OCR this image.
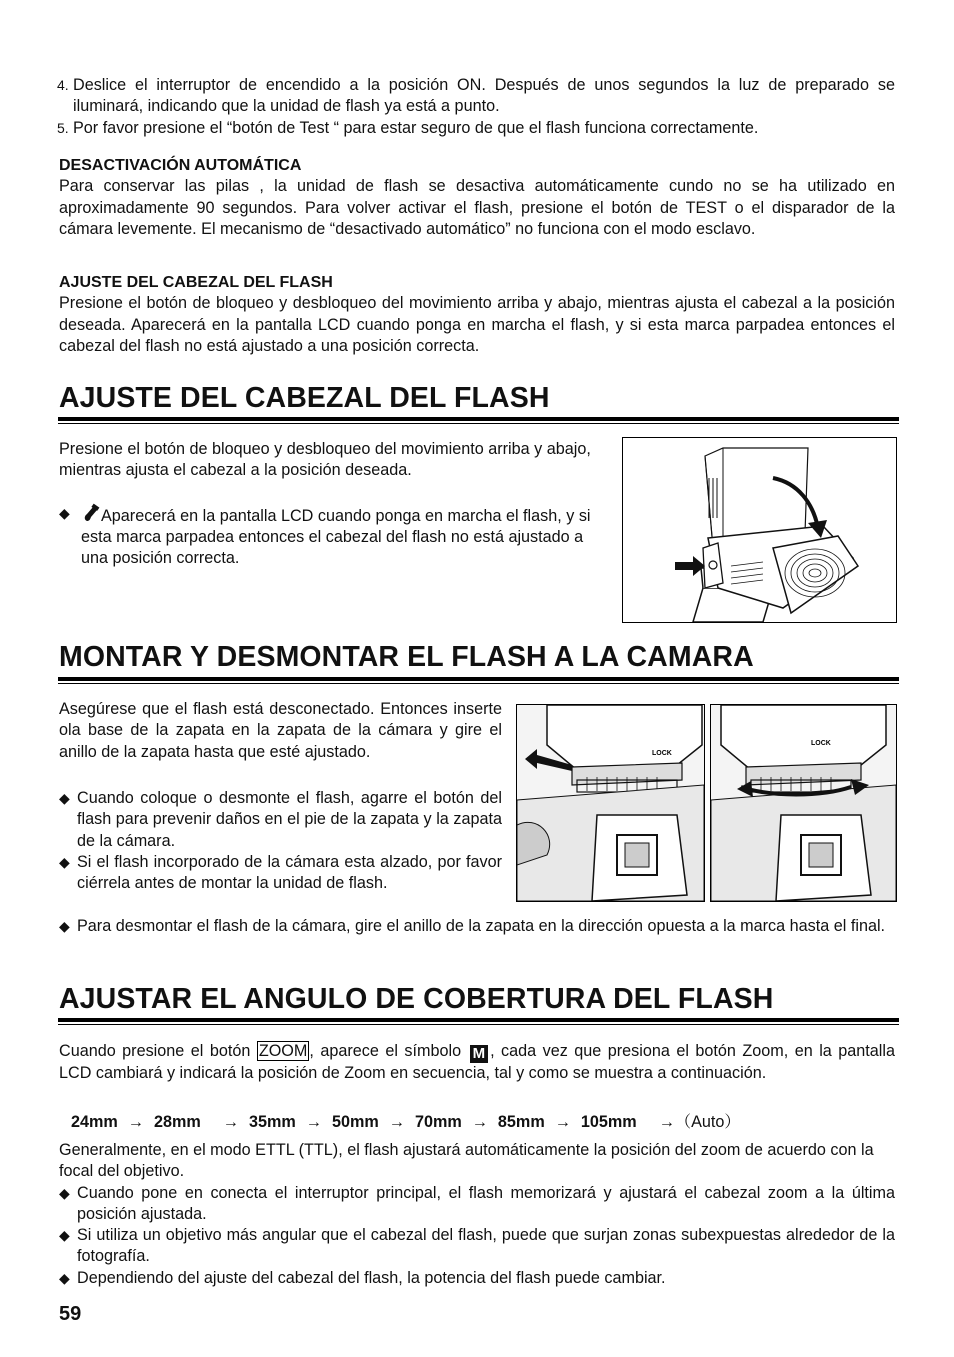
4. Deslice el interruptor de encendido a la posición ON. Después de unos segundos la luz de preparado se iluminará, indicando que la unidad de flash ya está a punto.
5. Por favor presione el “botón de Test “ para estar seguro de que el flash funciona correctamente.
DESACTIVACIÓN AUTOMÁTICA
Para conservar las pilas , la unidad de flash se desactiva automáticamente cundo no se ha utilizado en aproximadamente 90 segundos. Para volver activar el flash, presione el botón de TEST o el disparador de la cámara levemente. El mecanismo de “desactivado automático” no funciona con el modo esclavo.
AJUSTE DEL CABEZAL DEL FLASH
Presione el botón de bloqueo y desbloqueo del movimiento arriba y abajo, mientras ajusta el cabezal a la posición deseada. Aparecerá en la pantalla LCD cuando ponga en marcha el flash, y si esta marca parpadea entonces el cabezal del flash no está ajustado a una posición correcta.
AJUSTE DEL CABEZAL DEL FLASH
Presione el botón de bloqueo y desbloqueo del movimiento arriba y abajo, mientras ajusta el cabezal a la posición deseada.
◆ Aparecerá en la pantalla LCD cuando ponga en marcha el flash, y si esta marca parpadea entonces el cabezal del flash no está ajustado a una posición correcta.
MONTAR Y DESMONTAR EL FLASH A LA CAMARA
Asegúrese que el flash está desconectado. Entonces inserte ola base de la zapata en la zapata de la cámara y gire el anillo de la zapata hasta que esté ajustado.
◆ Cuando coloque o desmonte el flash, agarre el botón del flash para prevenir daños en el pie de la zapata y la zapata de la cámara.
◆ Si el flash incorporado de la cámara esta alzado, por favor ciérrela antes de montar la unidad de flash.
◆ Para desmontar el flash de la cámara, gire el anillo de la zapata en la dirección opuesta a la marca hasta el final.
LOCK
LOCK
AJUSTAR EL ANGULO DE COBERTURA DEL FLASH
Cuando presione el botón ZOOM , aparece el símbolo M , cada vez que presiona el botón Zoom, en la pantalla LCD cambiará y indicará la posición de Zoom en secuencia, tal y como se muestra a continuación.
24mm → 28mm → 35mm → 50mm → 70mm → 85mm → 105mm →（Auto）
Generalmente, en el modo ETTL (TTL), el flash ajustará automáticamente la posición del zoom de acuerdo con la focal del objetivo.
◆ Cuando pone en conecta el interruptor principal, el flash memorizará y ajustará el cabezal zoom a la última posición ajustada.
◆ Si utiliza un objetivo más angular que el cabezal del flash, puede que surjan zonas subexpuestas alrededor de la fotografía.
◆ Dependiendo del ajuste del cabezal del flash, la potencia del flash puede cambiar.
59
